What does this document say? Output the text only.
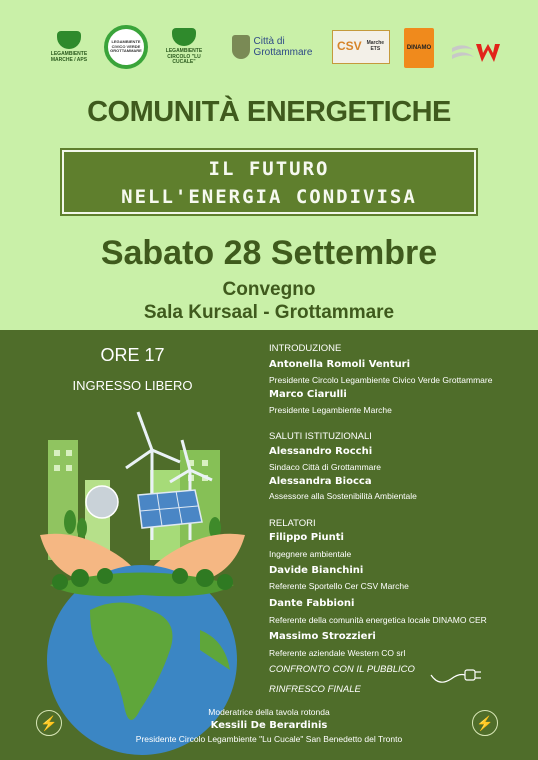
LEGAMBIENTE
MARCHE / APS
LEGAMBIENTE CIVICO VERDE GROTTAMMARE	LEGAMBIENTE
CIRCOLO "LU CUCALE"
Città di
Grottammare CSV Marche ETS	DINAMO
COMUNITÀ ENERGETICHE
IL FUTURO
NELL'ENERGIA CONDIVISA
Sabato 28 Settembre
Convegno
Sala Kursaal - Grottammare
ORE 17
INGRESSO LIBERO
INTRODUZIONE
Antonella Romoli Venturi
Presidente Circolo Legambiente Civico Verde Grottammare
Marco Ciarulli
Presidente Legambiente Marche
SALUTI ISTITUZIONALI
Alessandro Rocchi
Sindaco Città di Grottammare
Alessandra Biocca
Assessore alla Sostenibilità Ambientale
RELATORI
Filippo Piunti
Ingegnere ambientale
Davide Bianchini
Referente Sportello Cer CSV Marche
Dante Fabbioni
Referente della comunità energetica locale DINAMO CER
Massimo Strozzieri
Referente aziendale Western CO srl
CONFRONTO CON IL PUBBLICO
RINFRESCO FINALE
⚡	⚡
Moderatrice della tavola rotonda
Kessili De Berardinis
Presidente Circolo Legambiente "Lu Cucale" San Benedetto del Tronto
